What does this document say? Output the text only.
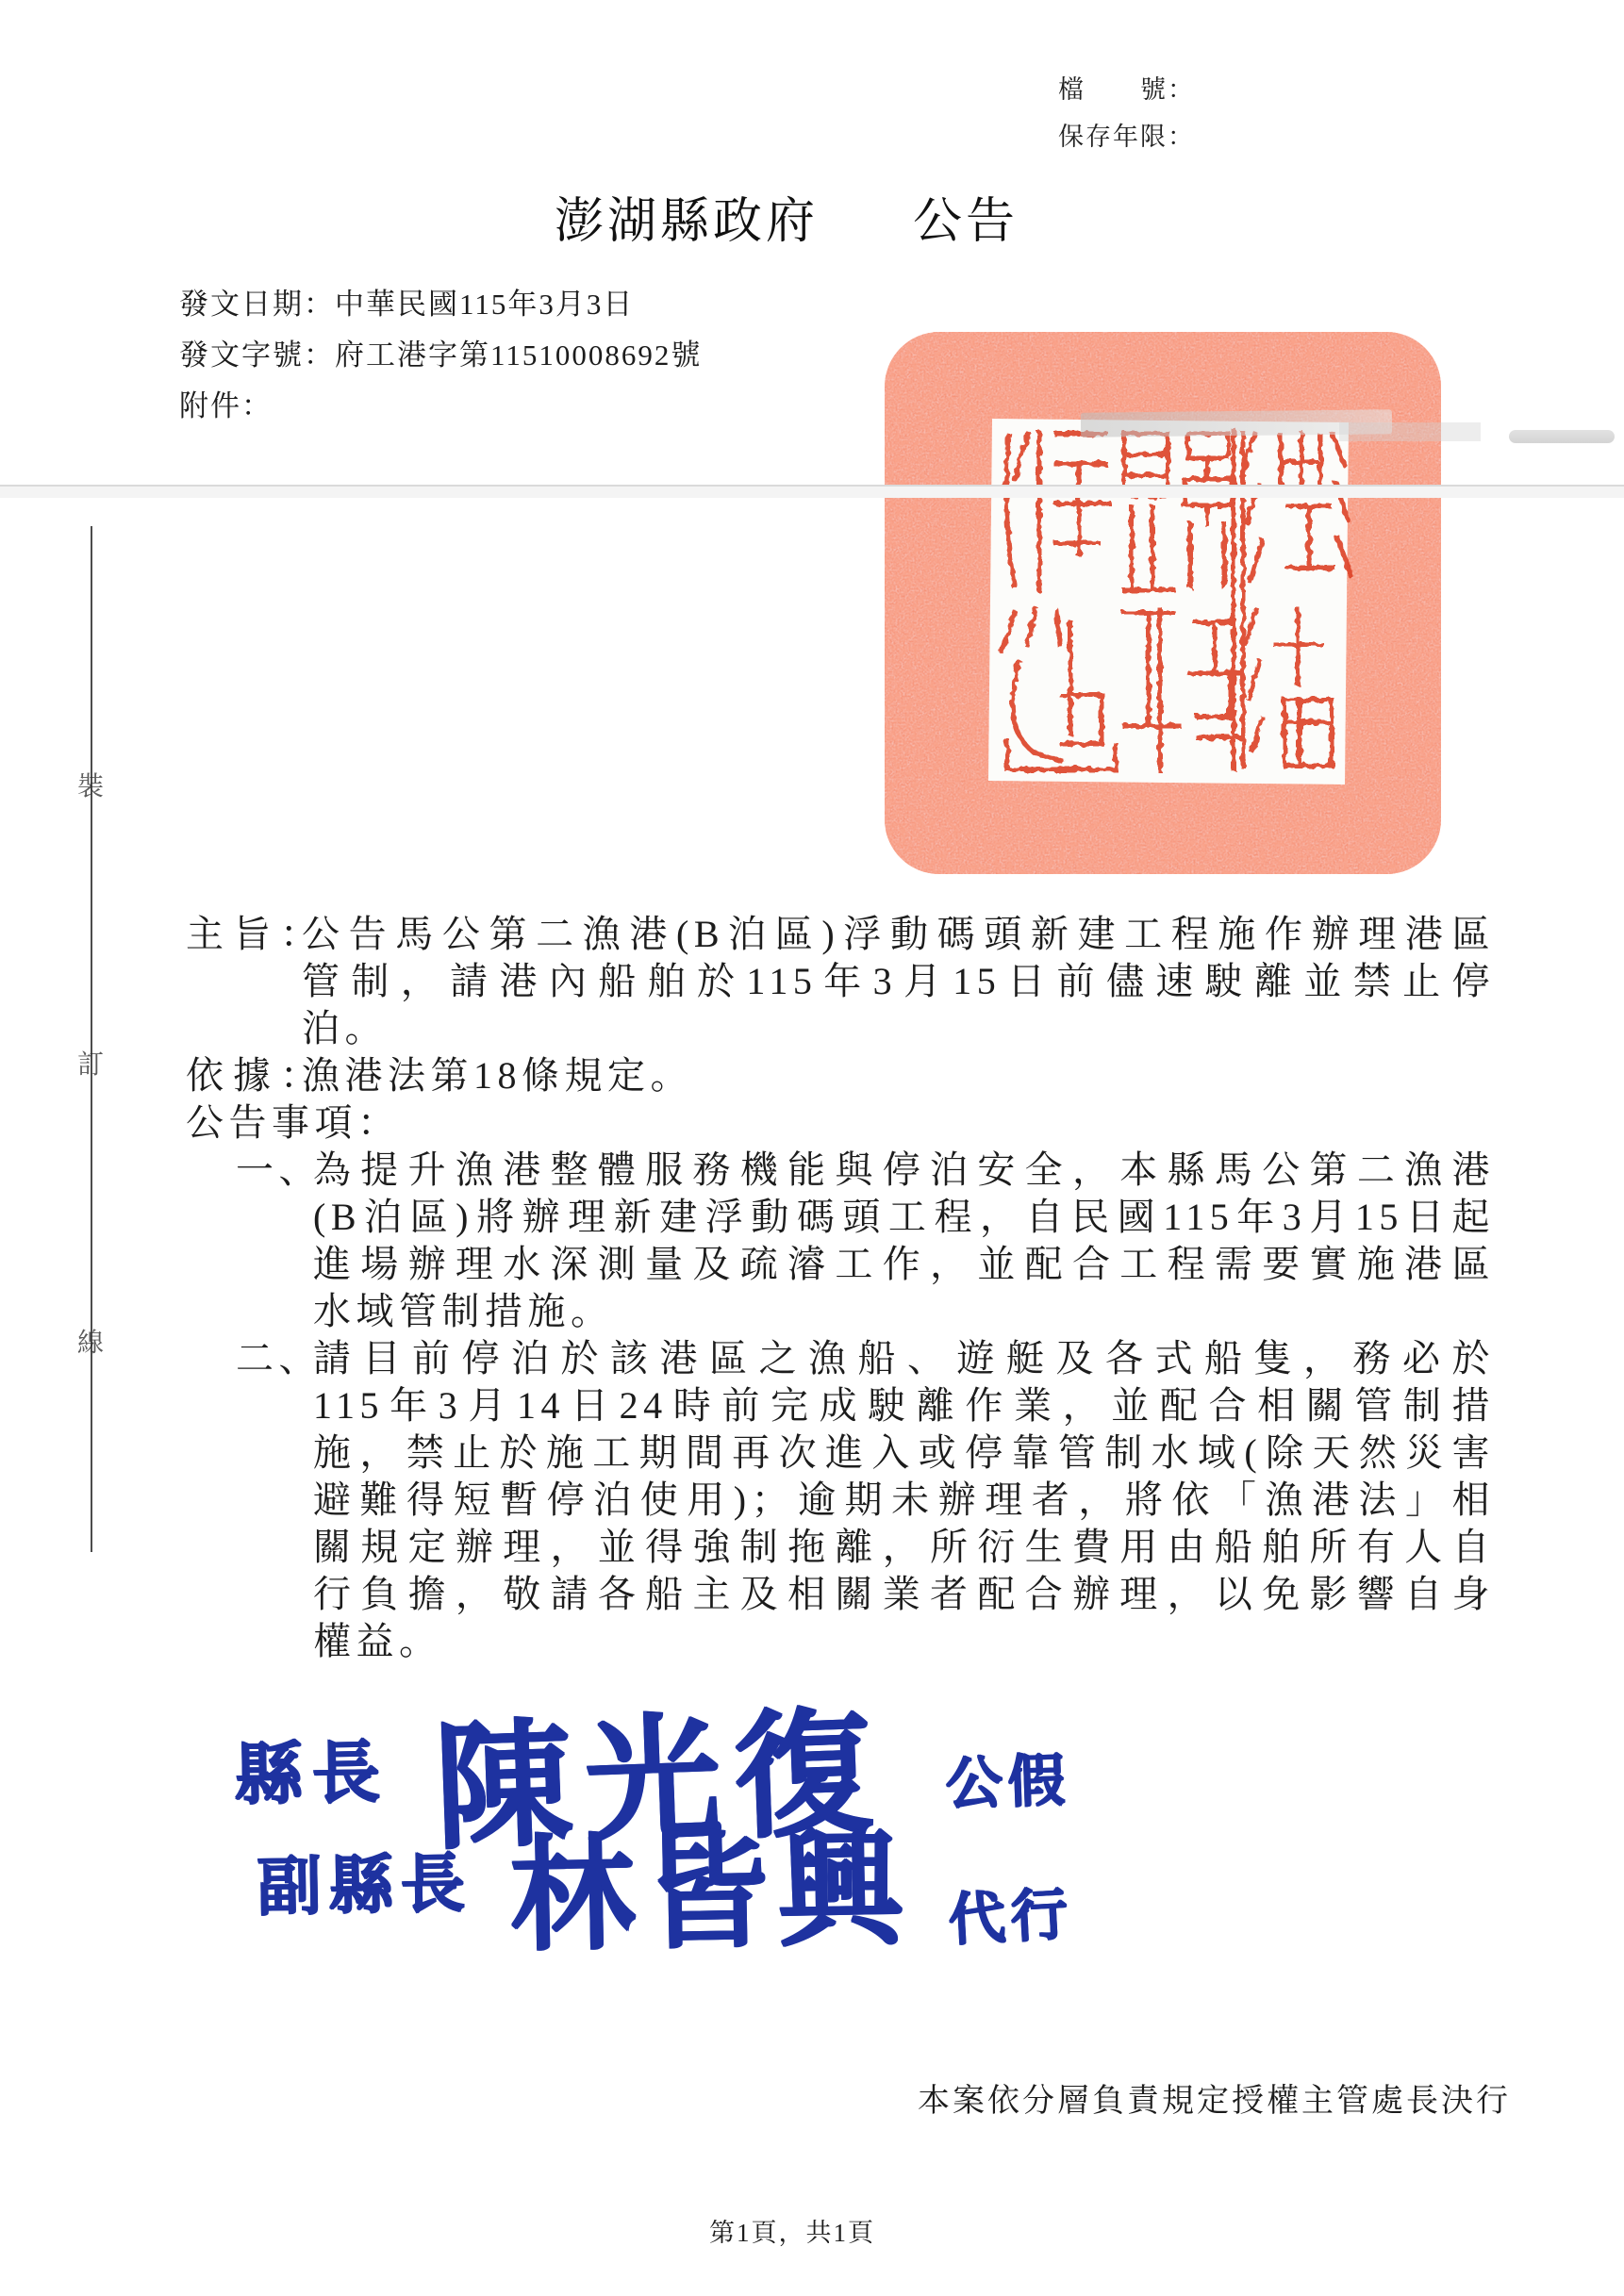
檔　　號：
保存年限：
澎湖縣政府 公告
發文日期：中華民國115年3月3日
發文字號：府工港字第11510008692號
附件：
裝
訂
線
主旨：
公告馬公第二漁港(B泊區)浮動碼頭新建工程施作辦理港區
管制，請港內船舶於115年3月15日前儘速駛離並禁止停
泊。
依據：
漁港法第18條規定。
公告事項：
一、
為提升漁港整體服務機能與停泊安全，本縣馬公第二漁港
(B泊區)將辦理新建浮動碼頭工程，自民國115年3月15日起
進場辦理水深測量及疏濬工作，並配合工程需要實施港區
水域管制措施。
二、
請目前停泊於該港區之漁船、遊艇及各式船隻，務必於
115年3月14日24時前完成駛離作業，並配合相關管制措
施，禁止於施工期間再次進入或停靠管制水域(除天然災害
避難得短暫停泊使用)；逾期未辦理者，將依「漁港法」相
關規定辦理，並得強制拖離，所衍生費用由船舶所有人自
行負擔，敬請各船主及相關業者配合辦理，以免影響自身
權益。
縣長 陳光復 公假
副縣長 林皆興 代行
本案依分層負責規定授權主管處長決行
第1頁，共1頁
